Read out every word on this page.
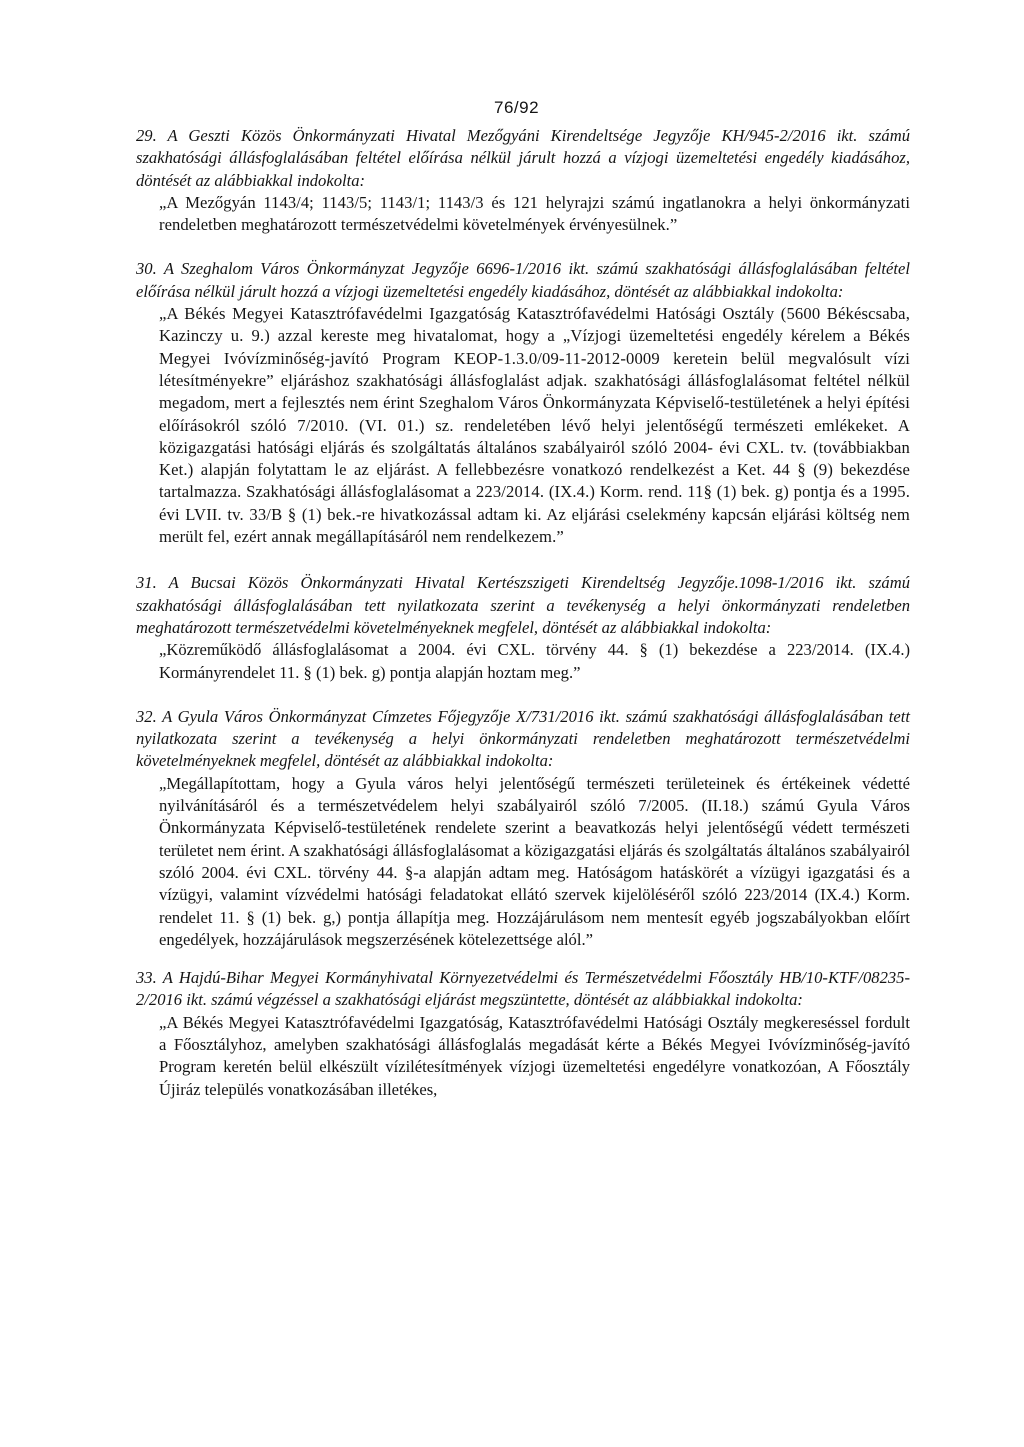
76/92

29. A Geszti Közös Önkormányzati Hivatal Mezőgyáni Kirendeltsége Jegyzője KH/945-2/2016 ikt. számú szakhatósági állásfoglalásában feltétel előírása nélkül járult hozzá a vízjogi üzemeltetési engedély kiadásához, döntését az alábbiakkal indokolta:

„A Mezőgyán 1143/4; 1143/5; 1143/1; 1143/3 és 121 helyrajzi számú ingatlanokra a helyi önkormányzati rendeletben meghatározott természetvédelmi követelmények érvényesülnek.”

30. A Szeghalom Város Önkormányzat Jegyzője 6696-1/2016 ikt. számú szakhatósági állásfoglalásában feltétel előírása nélkül járult hozzá a vízjogi üzemeltetési engedély kiadásához, döntését az alábbiakkal indokolta:

„A Békés Megyei Katasztrófavédelmi Igazgatóság Katasztrófavédelmi Hatósági Osztály (5600 Békéscsaba, Kazinczy u. 9.) azzal kereste meg hivatalomat, hogy a „Vízjogi üzemeltetési engedély kérelem a Békés Megyei Ivóvízminőség-javító Program KEOP-1.3.0/09-11-2012-0009 keretein belül megvalósult vízi létesítményekre” eljáráshoz szakhatósági állásfoglalást adjak. szakhatósági állásfoglalásomat feltétel nélkül megadom, mert a fejlesztés nem érint Szeghalom Város Önkormányzata Képviselő-testületének a helyi építési előírásokról szóló 7/2010. (VI. 01.) sz. rendeletében lévő helyi jelentőségű természeti emlékeket. A közigazgatási hatósági eljárás és szolgáltatás általános szabályairól szóló 2004- évi CXL. tv. (továbbiakban Ket.) alapján folytattam le az eljárást. A fellebbezésre vonatkozó rendelkezést a Ket. 44 § (9) bekezdése tartalmazza. Szakhatósági állásfoglalásomat a 223/2014. (IX.4.) Korm. rend. 11§ (1) bek. g) pontja és a 1995. évi LVII. tv. 33/B § (1) bek.-re hivatkozással adtam ki. Az eljárási cselekmény kapcsán eljárási költség nem merült fel, ezért annak megállapításáról nem rendelkezem.”

31. A Bucsai Közös Önkormányzati Hivatal Kertészszigeti Kirendeltség Jegyzője.1098-1/2016 ikt. számú szakhatósági állásfoglalásában tett nyilatkozata szerint a tevékenység a helyi önkormányzati rendeletben meghatározott természetvédelmi követelményeknek megfelel, döntését az alábbiakkal indokolta:

„Közreműködő állásfoglalásomat a 2004. évi CXL. törvény 44. § (1) bekezdése a 223/2014. (IX.4.) Kormányrendelet 11. § (1) bek. g) pontja alapján hoztam meg.”

32. A Gyula Város Önkormányzat Címzetes Főjegyzője X/731/2016 ikt. számú szakhatósági állásfoglalásában tett nyilatkozata szerint a tevékenység a helyi önkormányzati rendeletben meghatározott természetvédelmi követelményeknek megfelel, döntését az alábbiakkal indokolta:

„Megállapítottam, hogy a Gyula város helyi jelentőségű természeti területeinek és értékeinek védetté nyilvánításáról és a természetvédelem helyi szabályairól szóló 7/2005. (II.18.) számú Gyula Város Önkormányzata Képviselő-testületének rendelete szerint a beavatkozás helyi jelentőségű védett természeti területet nem érint. A szakhatósági állásfoglalásomat a közigazgatási eljárás és szolgáltatás általános szabályairól szóló 2004. évi CXL. törvény 44. §-a alapján adtam meg. Hatóságom hatáskörét a vízügyi igazgatási és a vízügyi, valamint vízvédelmi hatósági feladatokat ellátó szervek kijelöléséről szóló 223/2014 (IX.4.) Korm. rendelet 11. § (1) bek. g,) pontja állapítja meg. Hozzájárulásom nem mentesít egyéb jogszabályokban előírt engedélyek, hozzájárulások megszerzésének kötelezettsége alól.”

33. A Hajdú-Bihar Megyei Kormányhivatal Környezetvédelmi és Természetvédelmi Főosztály HB/10-KTF/08235-2/2016 ikt. számú végzéssel a szakhatósági eljárást megszüntette, döntését az alábbiakkal indokolta:

„A Békés Megyei Katasztrófavédelmi Igazgatóság, Katasztrófavédelmi Hatósági Osztály megkereséssel fordult a Főosztályhoz, amelyben szakhatósági állásfoglalás megadását kérte a Békés Megyei Ivóvízminőség-javító Program keretén belül elkészült vízilétesítmények vízjogi üzemeltetési engedélyre vonatkozóan, A Főosztály Újiráz település vonatkozásában illetékes,
